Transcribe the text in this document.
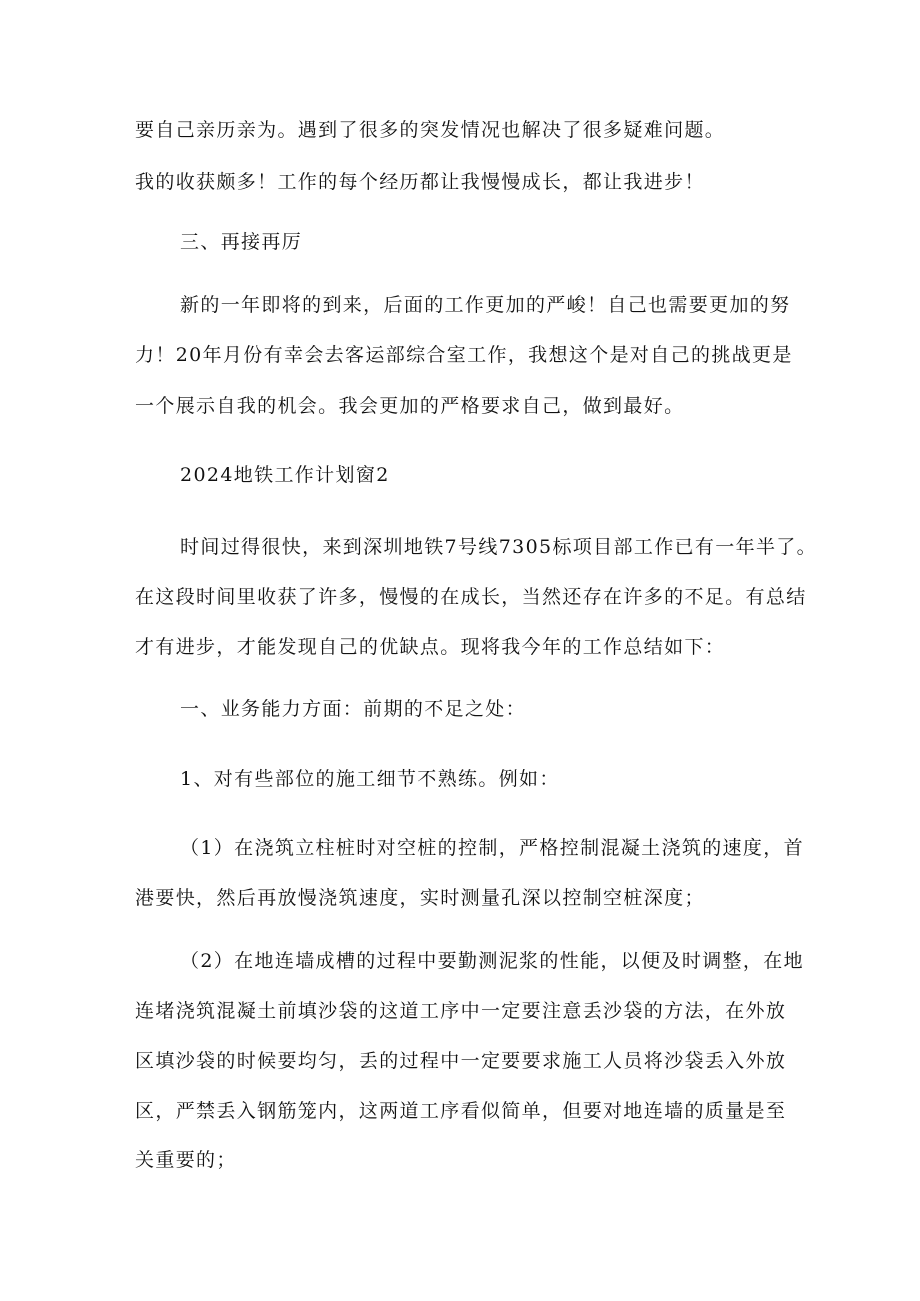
要自己亲历亲为。遇到了很多的突发情况也解决了很多疑难问题。
我的收获颇多！工作的每个经历都让我慢慢成长，都让我进步！
三、再接再厉
新的一年即将的到来，后面的工作更加的严峻！自己也需要更加的努
力！20年月份有幸会去客运部综合室工作，我想这个是对自己的挑战更是
一个展示自我的机会。我会更加的严格要求自己，做到最好。
2024地铁工作计划窗2
时间过得很快，来到深圳地铁7号线7305标项目部工作已有一年半了。
在这段时间里收获了许多，慢慢的在成长，当然还存在许多的不足。有总结
才有进步，才能发现自己的优缺点。现将我今年的工作总结如下：
一、业务能力方面：前期的不足之处：
1、对有些部位的施工细节不熟练。例如：
（1）在浇筑立柱桩时对空桩的控制，严格控制混凝土浇筑的速度，首
港要快，然后再放慢浇筑速度，实时测量孔深以控制空桩深度；
（2）在地连墙成槽的过程中要勤测泥浆的性能，以便及时调整，在地
连堵浇筑混凝土前填沙袋的这道工序中一定要注意丢沙袋的方法，在外放
区填沙袋的时候要均匀，丢的过程中一定要要求施工人员将沙袋丢入外放
区，严禁丢入钢筋笼内，这两道工序看似简单，但要对地连墙的质量是至
关重要的；
